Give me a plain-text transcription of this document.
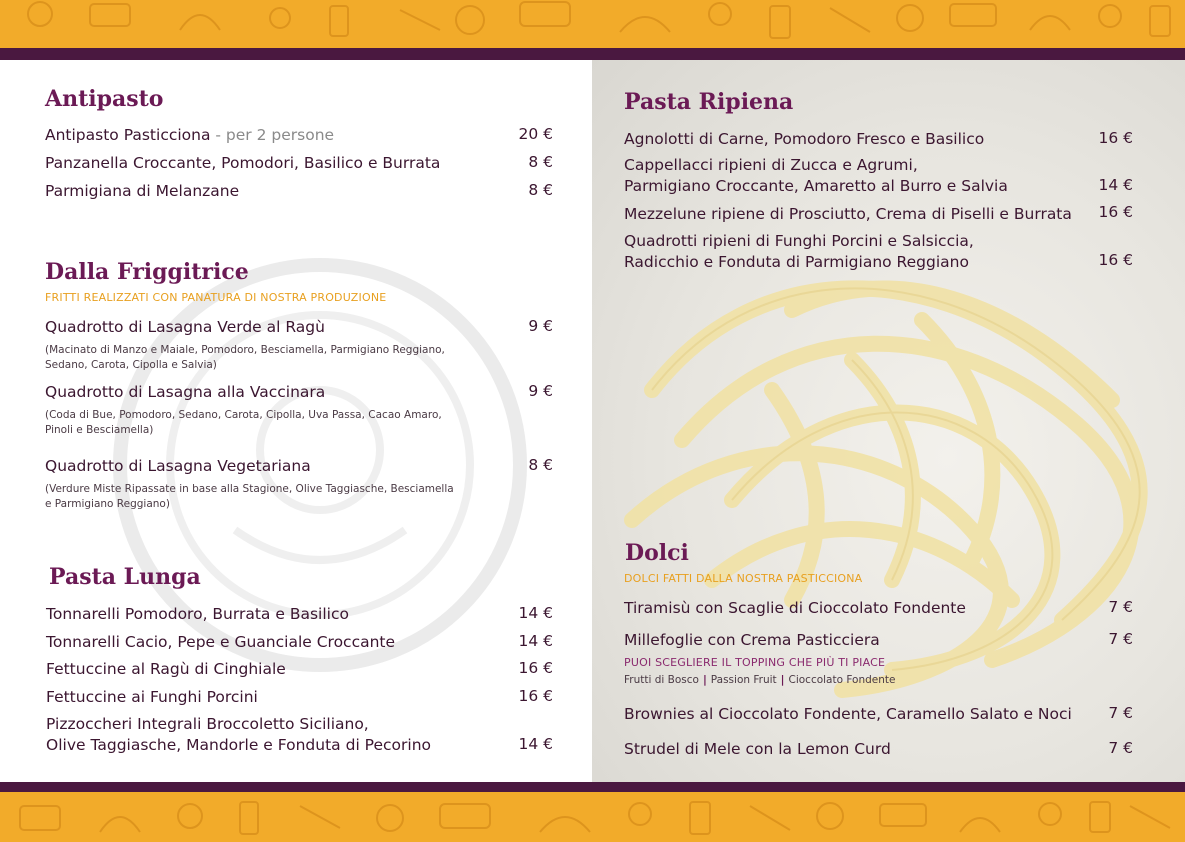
Antipasto
Antipasto Pasticciona - per 2 persone	20 €
Panzanella Croccante, Pomodori, Basilico e Burrata	8 €
Parmigiana di Melanzane	8 €
Dalla Friggitrice
FRITTI REALIZZATI CON PANATURA DI NOSTRA PRODUZIONE
Quadrotto di Lasagna Verde al Ragù	9 €
(Macinato di Manzo e Maiale, Pomodoro, Besciamella, Parmigiano Reggiano,
Sedano, Carota, Cipolla e Salvia)
Quadrotto di Lasagna alla Vaccinara	9 €
(Coda di Bue, Pomodoro, Sedano, Carota, Cipolla, Uva Passa, Cacao Amaro,
Pinoli e Besciamella)
Quadrotto di Lasagna Vegetariana	8 €
(Verdure Miste Ripassate in base alla Stagione, Olive Taggiasche, Besciamella
e Parmigiano Reggiano)
Pasta Lunga
Tonnarelli Pomodoro, Burrata e Basilico	14 €
Tonnarelli Cacio, Pepe e Guanciale Croccante	14 €
Fettuccine al Ragù di Cinghiale	16 €
Fettuccine ai Funghi Porcini	16 €
Pizzoccheri Integrali Broccoletto Siciliano,
Olive Taggiasche, Mandorle e Fonduta di Pecorino	14 €
Pasta Ripiena
Agnolotti di Carne, Pomodoro Fresco e Basilico	16 €
Cappellacci ripieni di Zucca e Agrumi,
Parmigiano Croccante, Amaretto al Burro e Salvia	14 €
Mezzelune ripiene di Prosciutto, Crema di Piselli e Burrata 16 €
Quadrotti ripieni di Funghi Porcini e Salsiccia,
Radicchio e Fonduta di Parmigiano Reggiano	16 €
Dolci
DOLCI FATTI DALLA NOSTRA PASTICCIONA
Tiramisù con Scaglie di Cioccolato Fondente	7 €
Millefoglie con Crema Pasticciera	7 €
PUOI SCEGLIERE IL TOPPING CHE PIÙ TI PIACE
Frutti di Bosco | Passion Fruit | Cioccolato Fondente
Brownies al Cioccolato Fondente, Caramello Salato e Noci 7 €
Strudel di Mele con la Lemon Curd	7 €
